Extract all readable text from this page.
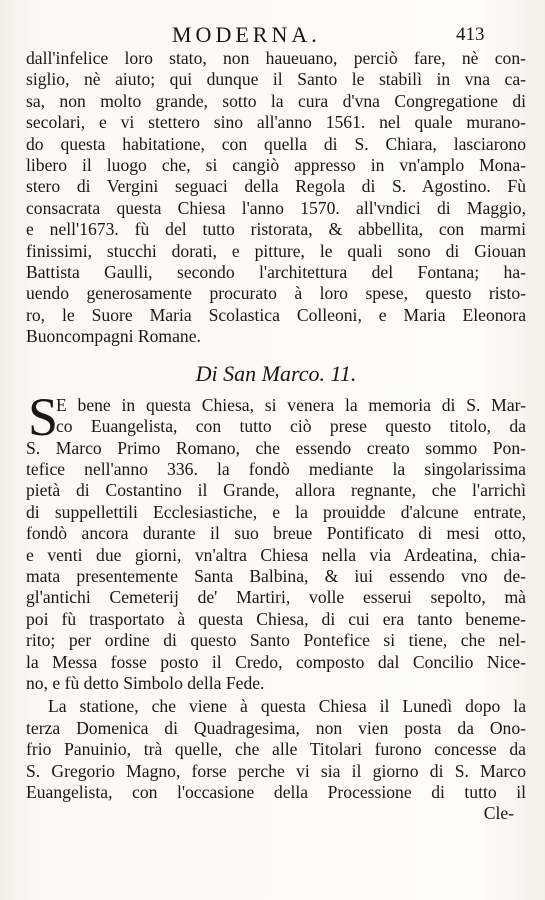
MODERNA.	413
dall'infelice loro stato, non haueuano, perciò fare, nè con-
siglio, nè aiuto; qui dunque il Santo le stabilì in vna ca-
sa, non molto grande, sotto la cura d'vna Congregatione di
secolari, e vi stettero sino all'anno 1561. nel quale murano-
do questa habitatione, con quella di S. Chiara, lasciarono
libero il luogo che, si cangiò appresso in vn'amplo Mona-
stero di Vergini seguaci della Regola di S. Agostino. Fù
consacrata questa Chiesa l'anno 1570. all'vndici di Maggio,
e nell'1673. fù del tutto ristorata, & abbellita, con marmi
finissimi, stucchi dorati, e pitture, le quali sono di Giouan
Battista Gaulli, secondo l'architettura del Fontana; ha-
uendo generosamente procurato à loro spese, questo risto-
ro, le Suore Maria Scolastica Colleoni, e Maria Eleonora
Buoncompagni Romane.
Di San Marco. 11.
S
E bene in questa Chiesa, si venera la memoria di S. Mar-
co Euangelista, con tutto ciò prese questo titolo, da
S. Marco Primo Romano, che essendo creato sommo Pon-
tefice nell'anno 336. la fondò mediante la singolarissima
pietà di Costantino il Grande, allora regnante, che l'arrichì
di suppellettili Ecclesiastiche, e la prouidde d'alcune entrate,
fondò ancora durante il suo breue Pontificato di mesi otto,
e venti due giorni, vn'altra Chiesa nella via Ardeatina, chia-
mata presentemente Santa Balbina, & iui essendo vno de-
gl'antichi Cemeterij de' Martiri, volle esserui sepolto, mà
poi fù trasportato à questa Chiesa, di cui era tanto beneme-
rito; per ordine di questo Santo Pontefice si tiene, che nel-
la Messa fosse posto il Credo, composto dal Concilio Nice-
no, e fù detto Simbolo della Fede.
La statione, che viene à questa Chiesa il Lunedì dopo la
terza Domenica di Quadragesima, non vien posta da Ono-
frio Panuinio, trà quelle, che alle Titolari furono concesse da
S. Gregorio Magno, forse perche vi sia il giorno di S. Marco
Euangelista, con l'occasione della Processione di tutto il
Cle-
